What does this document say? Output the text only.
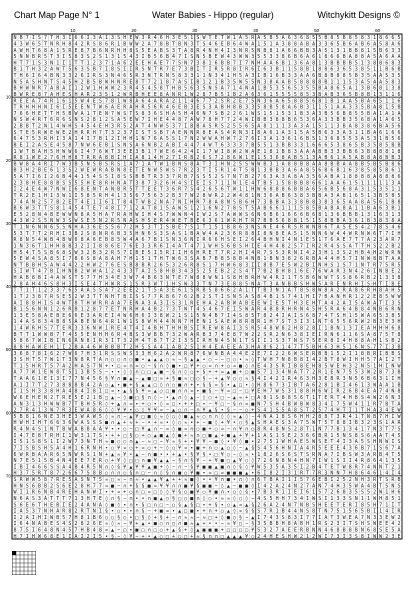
Chart Map Page N° 1	Water Babies - Hippo (regular)	Witchykitt Designs ©
N B 7 I S 7 T H 3 I 6 6 I 3 A 1 3 S H E W 3 R 4 6 H 3 E 5 1 S W T E T W 1 A 5 R A 5 B 5 A 6 3 6 8 5 5 B 8 5 B 8 5 8 3 1 8 6 6 5
4 3 W 6 5 T N R H 8 4 2 R S 8 6 R 1 B W W 2 A 7 8 B T B N 3 T S 4 6 E B 6 4 W A 1 5 1 A 3 8 8 A B A 3 3 6 5 B 6 A B 6 A 5 8 A 6
A W H T 6 8 A 1 5 R E 8 7 B 6 N R H H 8 S 5 E A B S 3 T A 8 R 4 N H 4 I 3 N R 5 N B 8 1 A 6 6 B B 3 A 5 1 3 1 B B 8 1 5 B 6 3 3
5 N N B R 5 T 3 I 5 8 3 S 2 S 1 3 1 5 4 3 I B 5 6 B 4 7 I S N 5 B E W 4 3 W W 3 5 5 3 3 8 6 B 6 A 6 1 8 6 6 B A 8 8 A 5 A 6 A A
H T 7 1 S 3 N 1 I 1 T T 1 2 3 7 1 A 6 2 E E H A E 7 7 5 N 7 3 8 1 6 B B 7 I 7 N H A A 6 B 1 3 6 A 8 1 3 B B B B 5 1 3 8 8 6 8 3
B 1 T H 3 2 A W T 5 6 3 S B 7 I 8 S I I R S N T R 7 E 7 3 B I T I R 5 R 8 I R 6 I 6 3 B 1 1 5 8 B 1 8 8 6 3 6 5 3 8 5 1 1 B 6 B
T H 6 I 6 4 B N 3 3 2 6 I R S 3 N 4 6 5 R 3 N T R N 5 8 3 3 1 1 N 3 4 1 H 5 A 3 I B 1 6 B 3 3 A A 6 B 8 B 8 8 5 B 3 5 A A 5 3 5
N S A S H N T S 4 5 H 2 B 5 B W H N R E 8 T 7 2 1 8 7 A S I B 1 2 1 B 3 5 W 5 5 N 3 8 A A B 5 8 8 8 8 B 1 1 1 5 3 A 5 A A 5 8 3
B H W N R 7 A B A I 1 2 W 1 H W W 2 3 R 4 5 4 5 8 T H B 5 6 3 S N S A 7 1 4 N A 1 B 5 3 5 6 5 3 5 5 B A 8 6 5 A 1 3 B 6 8 1 3 8
B W R E 8 7 A H E S H A R 2 3 5 1 2 W R B H E E 8 A N R 1 W 2 8 7 B 5 1 B 2 A 6 3 6 1 5 5 5 5 8 5 3 B A B 3 6 5 B 8 B 1 3 1 1 6
R E E A 7 4 R 1 6 1 5 W 4 E S 7 8 1 W 8 A 6 4 A R A 2 1 1 4 6 7 7 2 S R 2 E 7 5 N 3 6 A 6 5 8 8 5 6 8 1 B 1 A A 5 B A 6 5 1 1 6
T R H H H N I 6 I 5 E E N T W 6 A E R A H R 5 6 R 4 6 E B 3 E S 3 A B H 8 B 3 3 5 8 B 5 8 A 6 B 3 1 1 5 1 A A 3 3 5 B A 8 1 5 B
7 6 6 H E T T H 5 B W A 1 T E N 7 W S T S 8 3 6 S H A 5 H 4 6 N 7 S B 2 2 6 1 W S 1 5 1 5 3 1 B 3 A 3 B 5 6 B 8 5 5 B A 1 A 1 A
N S W 4 R T 6 R 6 S N S 2 8 1 2 S A 5 E W 7 I H E 4 4 8 7 A W 7 8 H 7 7 2 4 W I B B 3 8 8 B 6 5 3 6 A 3 3 B B 3 5 6 8 A 1 A 6 5
2 B B T 2 N 1 4 W H S 4 5 4 E H 3 R 5 2 A T 4 N W 5 3 7 I B B A S R S 2 5 5 6 5 A 8 1 1 1 3 A 3 A 1 5 1 1 3 B A 8 3 8 6 B A 5 6
S T E 5 R W E W E 2 H R R H 7 T 3 2 3 7 I S T S B 7 A E N N R 8 E A S 4 R N 3 I 8 A 6 1 A 3 1 5 A 5 B 6 3 3 A 3 1 1 B A 6 1 6 6
6 4 7 5 3 R H I 3 A 1 4 I 7 B 1 2 I H H 1 N 7 6 A 5 S 1 7 N 2 W W A H W 7 2 7 6 I 3 A 1 3 6 1 6 B 5 1 3 6 8 5 5 3 A 5 3 1 B 5 6
B E I 2 A S E 4 5 8 7 N W 6 E B 1 S N S A 6 N B 2 A B I 4 4 7 4 W T 6 3 3 3 7 B 5 5 1 3 B B 3 3 1 6 6 6 5 3 8 6 5 B 3 5 8 5 B B
1 W T B A H 5 H W W 6 I 4 7 6 W T 3 E E 3 B 1 7 W E 6 4 2 4 I 1 7 W I 8 W 2 W A E 1 8 1 B 8 3 A A A B B 3 3 B B 6 3 B 8 8 8 1 8
R 8 1 W E 2 7 6 H H 8 T R R A B B I H I A 8 1 4 H 2 7 I R B 2 6 S 7 2 8 6 W 1 E 1 5 3 6 8 A B 5 1 3 A B 6 1 A 5 A B 8 A 8 B B 3
B W 8 A 4 R I 7 W 3 B 5 N S B S R S 1 A 7 1 A T W 1 B N S 8 A T 3 I H N 2 5 S W W B 3 1 A 8 8 B 8 A A 8 B B A A 8 B 5 B 5 B 8 6
B 3 H 2 B E 6 1 3 S 2 W E W R A B N 8 E T E N W 5 W S 7 R 2 3 T I 5 R 1 4 T 5 B 1 3 B B 3 A 6 A 8 5 6 B 6 B 1 6 3 8 5 8 5 B 6 1
5 A 7 I 6 I 2 6 B 4 4 1 5 4 S 5 I 8 S S B B T R 3 3 7 R B 7 S S 5 2 S 7 N 7 B 2 7 6 3 A 3 A 8 A 3 5 6 A B A 1 8 8 8 8 A 8 8 8 6
2 3 8 H E 8 8 B S S 5 5 H E 8 R H N A T 3 8 7 3 2 6 H 4 S I E I S 7 1 1 N 1 E 4 T B 5 1 5 8 B B 8 6 6 1 A A 6 1 5 1 1 1 1 1 3 A
I 2 4 E 4 W 7 N W I 6 8 E N T A N B R 5 T T E E T 3 6 R 7 S 4 2 6 5 6 T W 1 1 H W 6 8 8 8 6 B B A 6 5 6 B 5 6 8 A 3 1 5 3 5 1 1
T R 2 E 1 H I 3 W 1 I 5 8 5 R H 4 1 3 5 6 7 5 6 3 2 B 3 7 W 2 8 W R 2 2 W 4 8 1 N 3 6 A B 6 3 8 3 B B A 3 A B 1 6 5 1 3 B 5 8 5
7 4 A N 2 5 7 B 2 E T 4 E 1 I 6 I T 8 4 T W B 2 N A 7 N I H R 7 8 A 8 N S B 6 H 7 3 B B A 3 3 8 B 8 3 8 3 6 5 A A 8 A 5 6 1 B 8
B 6 W 3 T T S 8 1 4 5 4 T E 7 4 8 I 7 1 2 A T 8 1 5 A W S 1 2 1 6 N 2 7 8 S T 5 A B 6 6 1 1 1 5 8 5 B A B A 8 A 1 1 B A 6 3 B 1
E 5 2 8 N 4 B E W W N 8 A 5 H A 7 R A H W I H 4 S 7 W W N 4 I W 2 S 7 A W W S 6 N 6 B 6 1 6 6 6 B 6 8 1 3 6 B B B 1 3 1 6 3 1 3
4 3 W 2 S 5 N W 3 S W S E 5 N 2 R 5 N A S H 5 E R 4 W E T B E 6 3 6 1 W R H T R 7 B B 5 6 8 B 1 5 1 5 8 B B A 3 6 1 B 3 8 3 8 A
T 1 N 6 N N 6 5 S N H A 3 6 E S 5 6 7 2 H 5 3 T I S B E 7 5 1 T 1 5 1 B 8 6 3 N S N E 4 6 R S R W N B 6 T A S E S 4 2 7 8 S 4 6
5 3 T 7 T 2 R H I 3 B 2 S 8 N R 6 B 3 5 H N 6 S 3 S A S 1 B A W 4 A 2 3 6 R 8 8 I 8 N 8 E A 5 1 5 N N 6 W 4 4 W R N W 6 T 7 I H
R 8 N 5 4 W B 4 B W 6 8 A 6 E B 8 5 W 4 A 6 7 B 1 S N 3 6 N I R 6 6 H S E I 2 6 4 B H N I 4 N 1 E 5 1 T 6 A E 7 T 7 A 2 3 A R 7
1 N 3 6 T 1 H H B B 3 2 I I 8 8 6 E 7 6 E 3 3 R 6 I 4 A T 4 7 1 W H S 6 B S H I E 4 H 4 8 2 5 7 I R 2 R 4 S S A T T H S 2 2 B 2
H 5 4 T 5 S B 6 8 S W 3 2 B 3 2 R 5 7 I B E 5 I 5 R I I H 6 H R E T 7 R 2 H I 4 R 7 S 5 3 R N I 4 2 3 H 1 3 S 2 H B 4 H 2 W R N
5 E W 4 S A 8 5 I 7 8 6 S 8 A 8 A H 7 H 1 5 1 T H T W 6 3 S A B 7 B 8 5 8 B 4 N B 1 B N 3 8 2 6 R B A 4 4 H 5 7 I N W 8 B T A A
N T B B H 5 A W 4 4 2 2 H W 2 7 6 E S B 8 B R 2 6 5 3 2 6 R 8 S 1 7 H W 6 8 3 I I 8 B 7 E 5 W 2 B I N H S 1 S 7 1 N T R 7 5 R 5
S I W T 4 7 B I H N B 2 W W A 1 2 4 3 3 T A I S 8 H B 3 4 3 5 2 5 E B 2 2 S 4 T 7 B 2 B H 8 1 6 E 7 6 W A R 3 N 4 2 6 I N B E 2
H A B 8 B I 4 A W S T 5 7 7 H 3 4 E 3 W 7 4 B 6 3 N T E 7 W 8 8 W N 1 S 8 H B R H W 4 R I 1 T 5 B 6 W W T S S 8 6 R B 2 1 3 3 8
2 8 A H 4 6 S 8 H 3 I S E 4 T H W R S 1 S R 3 W T 1 H S W 3 3 T N 7 3 E 8 8 5 N A T 3 A N B B S H W 5 A R E N R H I S H T I B E
T T 1 T 1 2 3 3 7 6 5 A A S S A 7 2 E E 2 1 T 5 A 3 E 6 1 S R B S 8 6 6 2 A 1 T T B 3 N 1 A T 8 S 8 W 8 A 2 R A 8 6 R H 8 A H 5
1 T 2 3 8 7 R S E 5 2 W 3 T T N H T B I S S 7 7 R 8 6 7 6 2 B 2 S T I S N 5 A S 8 4 B 1 S 7 4 1 H I 7 B A N H R 1 2 2 E 8 5 W W
A I 8 8 H I S 4 W T 8 T H W R R A A 7 E N A 3 A 3 I S 3 1 R E H A 2 A B W A B E E W I E 5 T H 3 E H T A 4 2 A I 5 A W A T I 3 S
B 1 S 6 N N 1 2 6 R B 1 2 8 7 7 E T N R H A 4 B 2 7 3 T W T 4 S 4 6 7 E I 5 W A R 4 B 8 R H R N 4 5 H 5 R A 6 4 B 8 4 N B 6 R N
1 3 E 5 8 A E B E 6 6 E 3 A R E I 4 W 6 H 6 I 3 8 W 2 1 S 1 5 N 4 B 7 I 4 S 8 5 T 8 2 4 I A I S 6 8 7 4 T S H 1 5 W A 6 5 3 8 5
1 4 A S 8 3 4 B 8 5 A B E N 6 4 R 1 W 1 S 8 W H 4 4 N N 7 H E N 1 S A E W 8 R B R 1 H 7 S T 3 I 3 1 N T 6 5 5 6 R W 2 B 3 E 3 H
1 4 W R H S 7 T E R 3 3 6 N W 1 R E 4 T 4 I 4 B H T H H B S I R E W 8 A I 3 S R 5 4 8 W 8 2 H 8 2 8 I 1 B N 1 3 I E A H H H 6 8
B T T 1 W W B 7 T 4 5 5 E N H H 6 R 4 B S 3 W B B 7 3 2 W A R B 3 7 4 E 8 7 W 2 2 S R 2 N 6 3 8 I E I R N 6 1 1 6 S A 8 7 5 T 8
5 8 6 7 W I B I N 6 R N 8 I R 3 I T 3 2 H 4 T 8 7 T 2 I 3 5 I R H N 4 5 N 1 T S I I 1 S 3 7 N S 7 5 E R 8 I 4 H 8 8 A H 1 S B 2
8 8 H A W E H 1 I 2 B A 4 6 W B B B T 2 H S S A 4 1 A B 2 5 1 H 4 E A E E A 3 H A 8 6 2 1 4 7 T 5 B H 6 3 H 5 1 6 N S 7 7 I 3 B
3 6 8 7 8 I 6 2 7 W 6 7 H 3 1 R S S W S 3 3 H 6 2 A 2 W R 8 7 6 W N B A 4 4 E 2 E 7 I 2 2 6 W S E R B B 1 5 2 I 1 8 B R I B B S
3 S H T 5 7 W 1 T 3 N 8 R T A ∩ ○ ○ ∩ ○ ■ • ▲ ▲ ▲ ○ ≈ − § ▲ ▲ • ○ − − □ ○ • ≈ ◊ T W H 7 N 8 B 8 I 4 2 B T 8 W I H H 5 7 A I 2 T
T 1 5 H R T 5 7 A 2 H A S 7 N + • □ ≈ ∩ ≈ ○ − § ∩ ◊ ■ • □ ¥ + ○ ≈ ∩ + ○ ≈ ■ ◊ ∩ E 4 3 S R I B 8 E H 8 5 W E H 3 2 N 5 1 H I N W
A 7 7 W 1 E W 8 T 5 1 3 B 5 S − • • ◊ ◊ ∩ □ □ ▲ ■ − § ∩ ◊ ○ + § + + ≈ ▲ ■ + □ ■ 5 7 1 3 4 N A T 7 2 R 1 E N 7 5 5 3 W 2 8 7 3 B
T A A 6 1 E I 3 I 7 7 N 4 5 6 § ¥ ∩ ■ ▲ − ▲ ■ □ ≈ + § ■ ≈ □ ○ § − + ▲ ¥ ○ ○ ≈ § 4 I 4 2 I R 4 6 3 H 3 E B R 3 N 5 6 B 6 3 1 I H
A 1 I 7 T 2 7 3 8 8 8 B 4 2 A ○ ▲ • ■ + § ▲ ▲ □ ◊ ∩ ○ ■ ∩ + • § § ≈ § • ▲ □ • ◊ H 8 6 7 3 I B T A 6 2 8 1 B I 4 6 1 3 W A A 1 B
I 1 S H 3 3 8 H A 4 8 4 I 8 I □ ≈ • ▲ § § ¥ ≈ ▲ ○ □ ■ ∩ ∩ ≈ • ■ § − ¥ ≈ □ − □ ¥ E H 7 W S 3 1 8 8 H 6 W I R 2 6 B 4 E A 7 4 N 8
W 6 E H E N 2 T R E 5 E 2 1 B □ ▲ − ◊ ■ □ § ∩ ◊ − • ▲ ∩ ◊ ▲ − ◊ ○ + □ − ▲ ≈ + □ A 8 1 S 8 8 5 6 T 1 T E R T 4 H B S 4 W 2 6 N 3
A N 3 1 3 H W W B 7 T B H 5 R ◊ + ▲ ∩ ≈ • + ○ • ◊ ≈ □ • + + □ • − ¥ □ − § ∩ ≈ ■ N 7 S H 4 B W B W 8 3 4 I 7 5 W 4 1 1 R 7 B T A
2 7 R 4 1 3 W 7 R 3 E W A 8 6 ◊ ◊ ¥ ¥ • ○ ◊ ¥ ¥ ≈ − ▲ ○ ∩ − ∩ ¥ ▲ § • § − − ○ + S 4 1 S 5 A 8 S T 2 5 7 4 H T I 1 T H A 3 4 E W
5 B 8 1 6 N E 3 H E 3 W A W 5 ◊ ≈ ∩ − ▲ ¥ □ ■ ◊ ≈ ◊ ○ ◊ ■ ▲ ≈ ○ ∩ ∩ ◊ ◊ ≈ ▲ ◊ − 4 N A 1 8 S 6 H H 2 8 8 T 3 R 4 1 T N B 7 H I W
H W H I H T 6 6 3 6 W A S S S ■ ∩ ▲ + ≈ + − • + ≈ • ◊ ○ ≈ • + − ■ ◊ + ¥ • ○ § ▲ S H A E S 3 A 7 5 W T 5 T 8 8 I B 3 2 3 S 1 A R
R 4 N 4 S 1 N T B W A B 8 A A ¥ • • ○ − □ ¥ ▲ ∩ − ≈ ◊ ■ ≈ ∩ ○ ■ + ○ ≈ − ∩ ¥ ∩ ○ 8 R 4 8 N S 2 8 T 1 N 7 7 B 1 3 4 1 7 N 3 T 7 S
I 4 7 E 8 T R H I 1 W 3 1 T S • + + □ § ○ + ○ ▲ ■ ▲ ◊ ■ + ≈ ∩ □ ■ ▲ + ■ ▲ + ¥ + 1 A S 1 S E 2 3 6 6 B R 1 5 N S 8 S 6 A A T 4 5
I 5 1 S 8 S 1 I 2 W 7 3 N T H ≈ ■ ○ ○ ∩ ▲ − ≈ □ − ¥ ≈ § + • ¥ ¥ − ■ ◊ • ¥ ◊ ■ • 2 7 5 1 W H A E 5 W S E T 4 I 3 A 5 S H N W I S
7 I S B S H 5 A 4 H 1 6 R N H • ○ ¥ ≈ ○ + ≈ ○ + − ◊ ○ ¥ ≈ • ■ + ∩ ○ ▲ ○ ◊ − ▲ § S 4 5 6 H N I A 4 R 5 E E E 4 3 6 B 7 1 S 6 7 A
6 W R B A A R 6 5 N W R S 1 N + ▲ ≈ ¥ • ▲ − ∩ ■ • • + ▲ • § ¥ § • □ ¥ ○ − ◊ ≈ • 1 8 2 6 S 6 S T S R N A 7 I B S W 3 A R B 4 T 5
N 7 E 5 1 5 B 4 N 4 E E 7 E R ○ + ¥ ◊ □ □ ∩ ■ ¥ ▲ ▲ − § ∩ § ¥ − + ¥ ■ □ ▲ ¥ ○ ◊ 7 2 6 N 8 N 4 H N 7 I W 1 S I I 4 R 8 6 4 1 3 5
I B I 4 6 6 S S A 4 B 4 R 5 N ∩ ◊ § ¥ ▲ ¥ ¥ ▲ ■ + ◊ − ∩ − § ¥ ■ ■ ▲ ■ ∩ ◊ § ◊ ¥ W 5 3 5 A 3 5 I 2 B 4 T E T W 8 R 7 4 N N T 2 1
H 3 7 5 R T 8 7 2 6 6 7 S 8 B ○ ∩ ∩ ○ § ∩ □ − ∩ ◊ § ∩ ■ ○ ¥ ■ • ≈ □ ≈ ■ ■ ■ ▲ • 6 I 8 2 I 3 1 R T 7 R 3 N N 7 H 8 6 4 6 1 4 I 4
S R W W 5 8 7 R E 5 A S N T 5 ≈ □ ≈ − ∩ ≈ • ▲ ▲ ¥ ▲ + + ≈ ■ ◊ • • ¥ ∩ ■ • ∩ ◊ ∩ 6 T B A I 1 I 5 7 6 E B I 2 5 2 N H 3 R T S R B
H N S 6 B B 2 S 6 E 2 8 H 7 7 ≈ ■ − ∩ + § § ■ ≈ ¥ ¥ ∩ ∩ ■ ¥ § ■ ■ − ◊ ▲ − ■ ■ ◊ I 4 2 A 2 4 N 2 7 A N 7 4 H 3 5 W A 4 B T 5 N S
W I 1 R 6 N B 4 R E H A N W I • + ≈ + ○ ∩ □ ≈ □ ◊ ◊ ¥ § ○ ■ ¥ ○ ¥ ■ ∩ • ○ ◊ § • 7 B 3 R 1 I E I 6 1 5 7 2 6 8 3 5 S 5 2 W 1 H 6
N 6 A S 3 A T T T 7 1 3 H T E ◊ ∩ § − ∩ • • ∩ ■ ▲ ○ § □ ○ ■ ∩ ◊ ○ • ≈ ≈ ◊ ○ ◊ − 4 S 5 H H 7 3 4 I W S I 1 3 3 S N 1 1 W H 8 5 1
S 6 E 6 T H E B I E 2 4 A N A ◊ ■ ◊ • ∩ • § □ ∩ □ − ○ § ▲ § □ • + § • ○ ▲ ≈ ▲ § 2 6 A 2 4 N 7 N B S H E E T E R I 8 5 H 7 1 I T
I A 5 3 7 N H A R 8 2 R T N I § • ○ • • ∩ § − + ■ ≈ • ▲ □ ■ • + ∩ + ○ ▲ ◊ ≈ § § S 7 R 1 B 4 4 N S 8 T N 7 5 1 5 6 5 B I 1 4 I R
I 2 A I H I W B 5 7 H 8 1 B 6 ○ ○ § ○ • □ § ◊ + § + − ∩ ≈ ≈ − ≈ □ + ◊ ■ ○ § − ▲ I 7 4 3 S 8 3 I 7 7 I A T 3 W E A 7 N 3 3 E W 2
I 6 4 N A B E S 4 S 2 8 2 6 E ≈ ◊ ≈ − ¥ + ▲ • ■ ○ ∩ □ ∩ ■ ≈ ▲ + • • − ≈ ¥ □ − § 3 5 B B H 8 A B H 1 R S 2 3 I T S H S W E E 4 2
8 7 5 I 6 4 8 N 4 5 7 H B 4 8 ≈ ▲ − □ • ■ □ ∩ □ ○ + ▲ § + ◊ ▲ ■ ■ ■ + □ □ □ □ ¥ S 3 2 7 A E E R B N N 4 6 8 B 8 B N 6 8 S E 5 A
H 7 I H W 6 8 E 1 I A I 2 I 5 • § − ◊ ¥ − + • ▲ ○ □ + ○ □ + ≈ § ∩ ∩ □ ▲ ▲ ▲ ¥ ○ 2 4 H E S H W 2 1 2 W I 7 3 I 3 S 8 I W W 2 3 E
10	20	30	40	50	60
10
20
30
40
50
60
70
